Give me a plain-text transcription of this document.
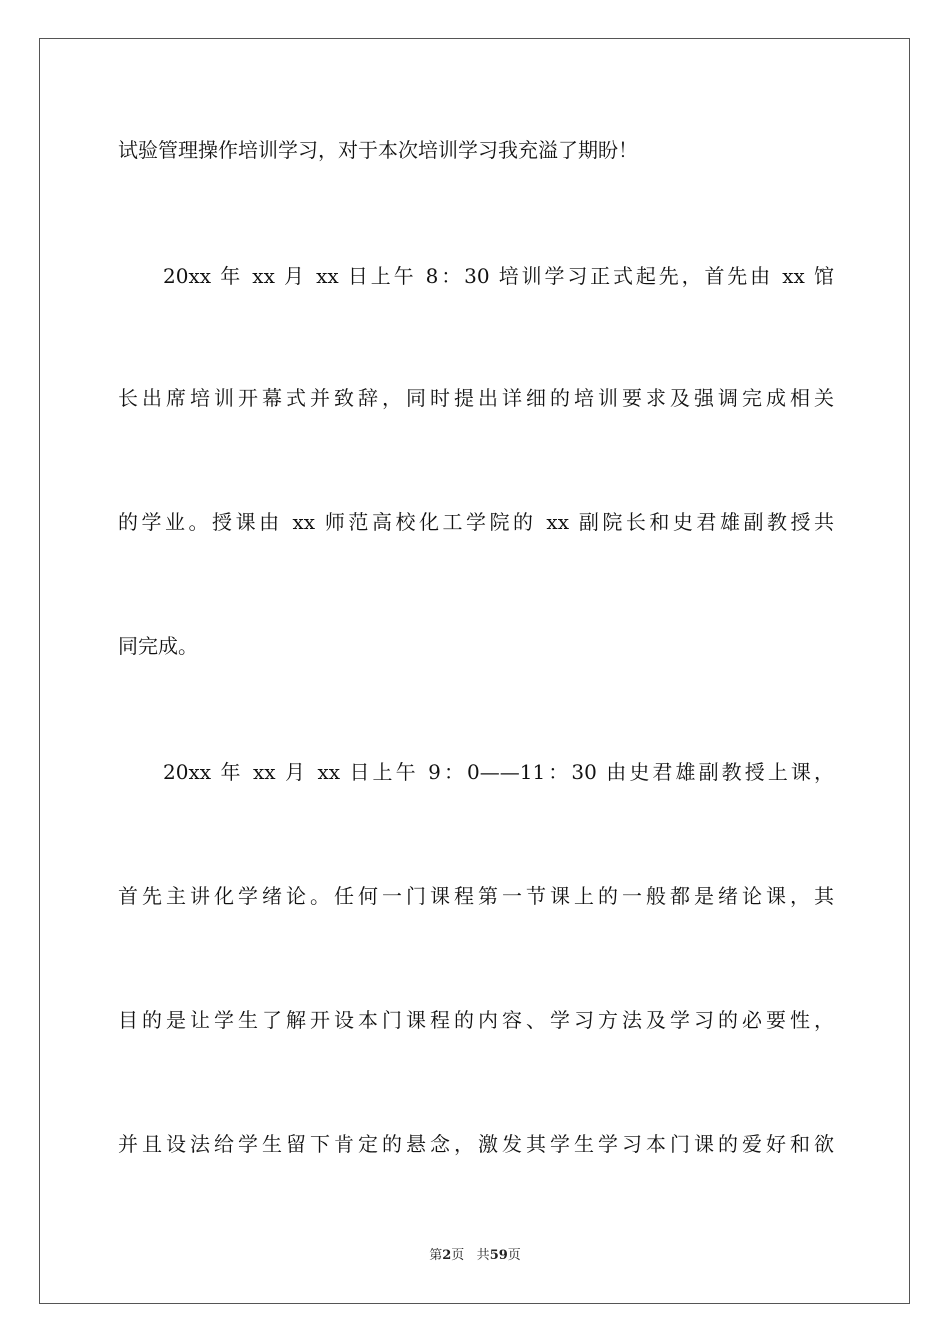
试验管理操作培训学习，对于本次培训学习我充溢了期盼！
20xx 年 xx 月 xx 日上午 8：30 培训学习正式起先，首先由 xx 馆
长出席培训开幕式并致辞，同时提出详细的培训要求及强调完成相关
的学业。授课由 xx 师范高校化工学院的 xx 副院长和史君雄副教授共
同完成。
20xx 年 xx 月 xx 日上午 9：0——11：30 由史君雄副教授上课，
首先主讲化学绪论。任何一门课程第一节课上的一般都是绪论课，其
目的是让学生了解开设本门课程的内容、学习方法及学习的必要性，
并且设法给学生留下肯定的悬念，激发其学生学习本门课的爱好和欲
第2页 共59页
